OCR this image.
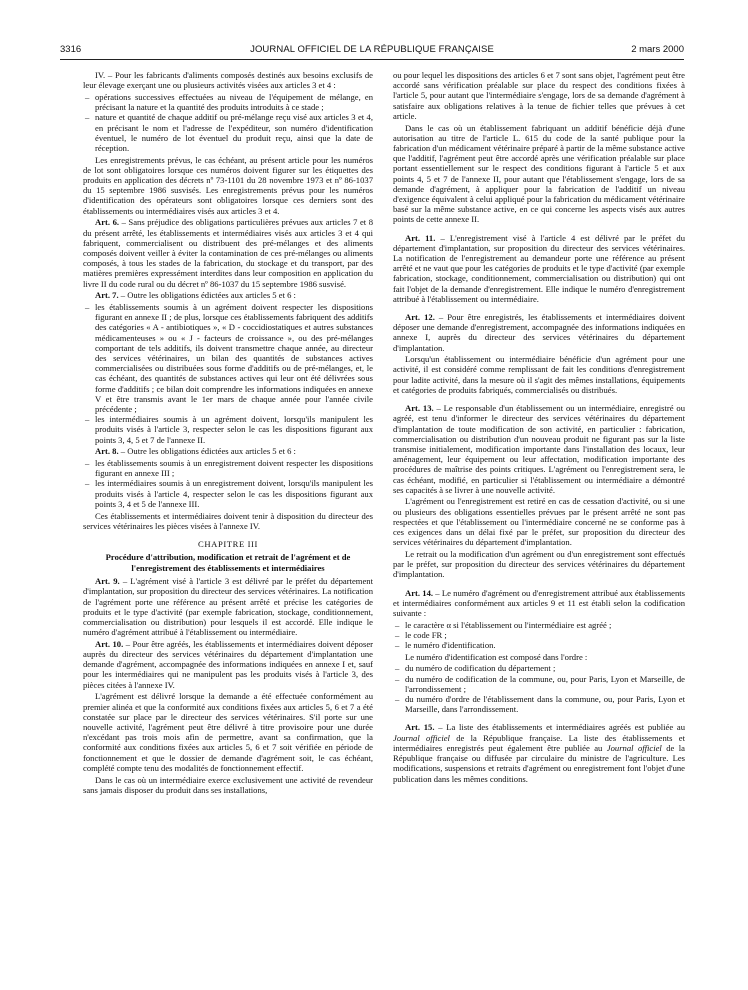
3316	JOURNAL OFFICIEL DE LA RÉPUBLIQUE FRANÇAISE	2 mars 2000

IV. – Pour les fabricants d'aliments composés destinés aux besoins exclusifs de leur élevage exerçant une ou plusieurs activités visées aux articles 3 et 4 :

– opérations successives effectuées au niveau de l'équipement de mélange, en précisant la nature et la quantité des produits introduits à ce stade ;
– nature et quantité de chaque additif ou pré-mélange reçu visé aux articles 3 et 4, en précisant le nom et l'adresse de l'expéditeur, son numéro d'identification éventuel, le numéro de lot éventuel du produit reçu, ainsi que la date de réception.

Les enregistrements prévus, le cas échéant, au présent article pour les numéros de lot sont obligatoires lorsque ces numéros doivent figurer sur les étiquettes des produits en application des décrets nº 73-1101 du 28 novembre 1973 et nº 86-1037 du 15 septembre 1986 susvisés. Les enregistrements prévus pour les numéros d'identification des opérateurs sont obligatoires lorsque ces derniers sont des établissements ou intermédiaires visés aux articles 3 et 4.

Art. 6. – Sans préjudice des obligations particulières prévues aux articles 7 et 8 du présent arrêté, les établissements et intermédiaires visés aux articles 3 et 4 qui fabriquent, commercialisent ou distribuent des pré-mélanges et des aliments composés doivent veiller à éviter la contamination de ces pré-mélanges ou aliments composés, à tous les stades de la fabrication, du stockage et du transport, par des matières premières expressément interdites dans leur composition en application du livre II du code rural ou du décret nº 86-1037 du 15 septembre 1986 susvisé.

Art. 7. – Outre les obligations édictées aux articles 5 et 6 :

– les établissements soumis à un agrément doivent respecter les dispositions figurant en annexe II ; de plus, lorsque ces établissements fabriquent des additifs des catégories « A - antibiotiques », « D - coccidiostatiques et autres substances médicamenteuses » ou « J - facteurs de croissance », ou des pré-mélanges comportant de tels additifs, ils doivent transmettre chaque année, au directeur des services vétérinaires, un bilan des quantités de substances actives commercialisées ou distribuées sous forme d'additifs ou de pré-mélanges, et, le cas échéant, des quantités de substances actives qui leur ont été délivrées sous forme d'additifs ; ce bilan doit comprendre les informations indiquées en annexe V et être transmis avant le 1er mars de chaque année pour l'année civile précédente ;
– les intermédiaires soumis à un agrément doivent, lorsqu'ils manipulent les produits visés à l'article 3, respecter selon le cas les dispositions figurant aux points 3, 4, 5 et 7 de l'annexe II.

Art. 8. – Outre les obligations édictées aux articles 5 et 6 :

– les établissements soumis à un enregistrement doivent respecter les dispositions figurant en annexe III ;
– les intermédiaires soumis à un enregistrement doivent, lorsqu'ils manipulent les produits visés à l'article 4, respecter selon le cas les dispositions figurant aux points 3, 4 et 5 de l'annexe III.

Ces établissements et intermédiaires doivent tenir à disposition du directeur des services vétérinaires les pièces visées à l'annexe IV.

CHAPITRE III

Procédure d'attribution, modification et retrait de l'agrément et de l'enregistrement des établissements et intermédiaires

Art. 9. – L'agrément visé à l'article 3 est délivré par le préfet du département d'implantation, sur proposition du directeur des services vétérinaires. La notification de l'agrément porte une référence au présent arrêté et précise les catégories de produits et le type d'activité (par exemple fabrication, stockage, conditionnement, commercialisation ou distribution) pour lesquels il est accordé. Elle indique le numéro d'agrément attribué à l'établissement ou intermédiaire.

Art. 10. – Pour être agréés, les établissements et intermédiaires doivent déposer auprès du directeur des services vétérinaires du département d'implantation une demande d'agrément, accompagnée des informations indiquées en annexe I et, sauf pour les intermédiaires qui ne manipulent pas les produits visés à l'article 3, des pièces citées à l'annexe IV.

L'agrément est délivré lorsque la demande a été effectuée conformément au premier alinéa et que la conformité aux conditions fixées aux articles 5, 6 et 7 a été constatée sur place par le directeur des services vétérinaires. S'il porte sur une nouvelle activité, l'agrément peut être délivré à titre provisoire pour une durée n'excédant pas trois mois afin de permettre, avant sa confirmation, que la conformité aux conditions fixées aux articles 5, 6 et 7 soit vérifiée en période de fonctionnement et que le dossier de demande d'agrément soit, le cas échéant, complété compte tenu des modalités de fonctionnement effectif.

Dans le cas où un intermédiaire exerce exclusivement une activité de revendeur sans jamais disposer du produit dans ses installations,

ou pour lequel les dispositions des articles 6 et 7 sont sans objet, l'agrément peut être accordé sans vérification préalable sur place du respect des conditions fixées à l'article 5, pour autant que l'intermédiaire s'engage, lors de sa demande d'agrément à satisfaire aux obligations relatives à la tenue de fichier telles que prévues à cet article.

Dans le cas où un établissement fabriquant un additif bénéficie déjà d'une autorisation au titre de l'article L. 615 du code de la santé publique pour la fabrication d'un médicament vétérinaire préparé à partir de la même substance active que l'additif, l'agrément peut être accordé après une vérification préalable sur place portant essentiellement sur le respect des conditions figurant à l'article 5 et aux points 4, 5 et 7 de l'annexe II, pour autant que l'établissement s'engage, lors de sa demande d'agrément, à appliquer pour la fabrication de l'additif un niveau d'exigence équivalent à celui appliqué pour la fabrication du médicament vétérinaire basé sur la même substance active, en ce qui concerne les aspects visés aux autres points de cette annexe II.

Art. 11. – L'enregistrement visé à l'article 4 est délivré par le préfet du département d'implantation, sur proposition du directeur des services vétérinaires. La notification de l'enregistrement au demandeur porte une référence au présent arrêté et ne vaut que pour les catégories de produits et le type d'activité (par exemple fabrication, stockage, conditionnement, commercialisation ou distribution) qui ont fait l'objet de la demande d'enregistrement. Elle indique le numéro d'enregistrement attribué à l'établissement ou intermédiaire.

Art. 12. – Pour être enregistrés, les établissements et intermédiaires doivent déposer une demande d'enregistrement, accompagnée des informations indiquées en annexe I, auprès du directeur des services vétérinaires du département d'implantation.

Lorsqu'un établissement ou intermédiaire bénéficie d'un agrément pour une activité, il est considéré comme remplissant de fait les conditions d'enregistrement pour ladite activité, dans la mesure où il s'agit des mêmes installations, équipements et catégories de produits fabriqués, commercialisés ou distribués.

Art. 13. – Le responsable d'un établissement ou un intermédiaire, enregistré ou agréé, est tenu d'informer le directeur des services vétérinaires du département d'implantation de toute modification de son activité, en particulier : fabrication, commercialisation ou distribution d'un nouveau produit ne figurant pas sur la liste transmise initialement, modification importante dans l'installation des locaux, leur aménagement, leur équipement ou leur affectation, modification importante des procédures de maîtrise des points critiques. L'agrément ou l'enregistrement sera, le cas échéant, modifié, en particulier si l'établissement ou intermédiaire a démontré ses capacités à se livrer à une nouvelle activité.

L'agrément ou l'enregistrement est retiré en cas de cessation d'activité, ou si une ou plusieurs des obligations essentielles prévues par le présent arrêté ne sont pas respectées et que l'établissement ou l'intermédiaire concerné ne se conforme pas à ces exigences dans un délai fixé par le préfet, sur proposition du directeur des services vétérinaires du département d'implantation.

Le retrait ou la modification d'un agrément ou d'un enregistrement sont effectués par le préfet, sur proposition du directeur des services vétérinaires du département d'implantation.

Art. 14. – Le numéro d'agrément ou d'enregistrement attribué aux établissements et intermédiaires conformément aux articles 9 et 11 est établi selon la codification suivante :

– le caractère α si l'établissement ou l'intermédiaire est agréé ;
– le code FR ;
– le numéro d'identification.

Le numéro d'identification est composé dans l'ordre :

– du numéro de codification du département ;
– du numéro de codification de la commune, ou, pour Paris, Lyon et Marseille, de l'arrondissement ;
– du numéro d'ordre de l'établissement dans la commune, ou, pour Paris, Lyon et Marseille, dans l'arrondissement.

Art. 15. – La liste des établissements et intermédiaires agréés est publiée au Journal officiel de la République française. La liste des établissements et intermédiaires enregistrés peut également être publiée au Journal officiel de la République française ou diffusée par circulaire du ministre de l'agriculture. Les modifications, suspensions et retraits d'agrément ou enregistrement font l'objet d'une publication dans les mêmes conditions.
